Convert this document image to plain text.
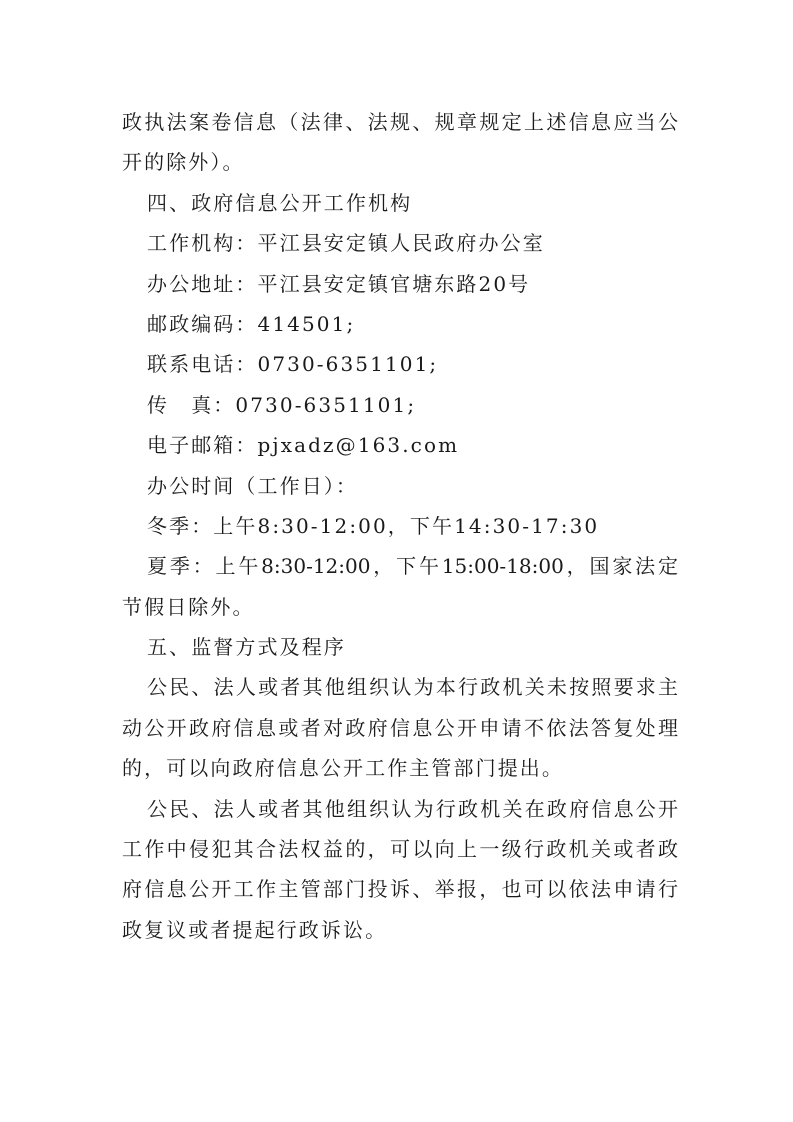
政执法案卷信息（法律、法规、规章规定上述信息应当公
开的除外）。
四、政府信息公开工作机构
工作机构：平江县安定镇人民政府办公室
办公地址：平江县安定镇官塘东路20号
邮政编码：414501;
联系电话：0730-6351101;
传　真：0730-6351101;
电子邮箱：pjxadz@163.com
办公时间（工作日）：
冬季：上午8:30-12:00，下午14:30-17:30
夏季：上午8:30-12:00，下午15:00-18:00，国家法定
节假日除外。
五、监督方式及程序
公民、法人或者其他组织认为本行政机关未按照要求主
动公开政府信息或者对政府信息公开申请不依法答复处理
的，可以向政府信息公开工作主管部门提出。
公民、法人或者其他组织认为行政机关在政府信息公开
工作中侵犯其合法权益的，可以向上一级行政机关或者政
府信息公开工作主管部门投诉、举报，也可以依法申请行
政复议或者提起行政诉讼。
